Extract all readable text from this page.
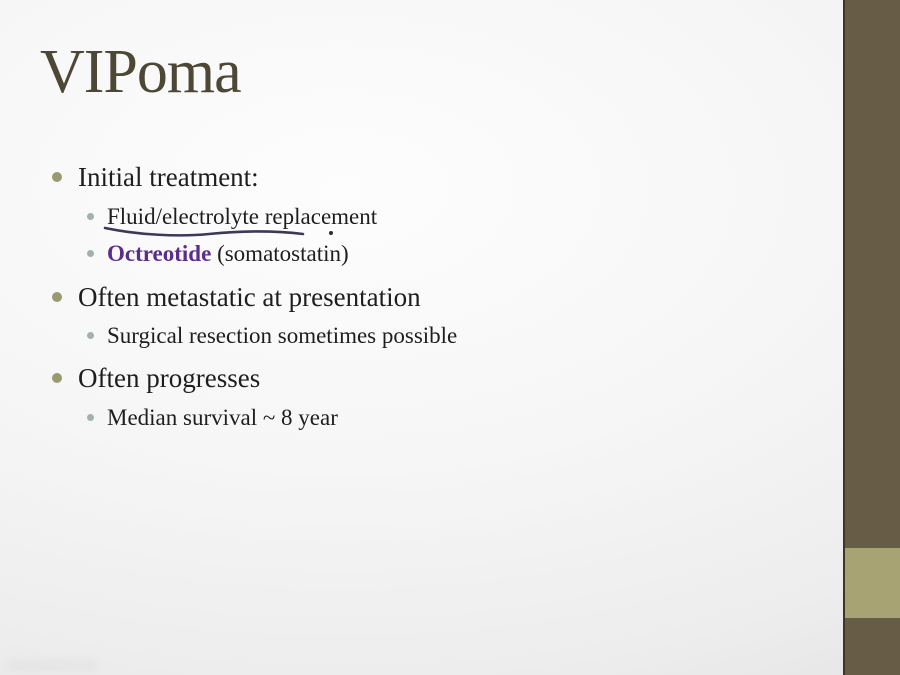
VIPoma
Initial treatment:
Fluid/electrolyte replacement
Octreotide (somatostatin)
Often metastatic at presentation
Surgical resection sometimes possible
Often progresses
Median survival ~ 8 year
